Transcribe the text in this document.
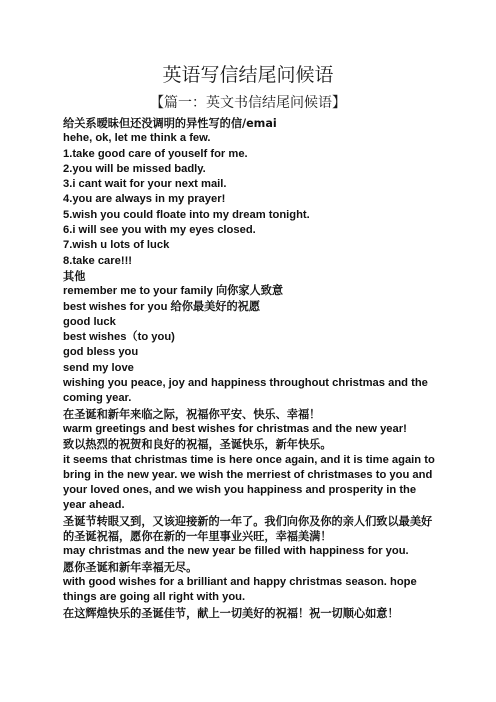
英语写信结尾问候语
【篇一：英文书信结尾问候语】

给关系暧昧但还没调明的异性写的信/emai

hehe, ok, let me think a few.

1.take good care of youself for me.

2.you will be missed badly.

3.i cant wait for your next mail.

4.you are always in my prayer!

5.wish you could floate into my dream tonight.

6.i will see you with my eyes closed.

7.wish u lots of luck

8.take care!!!

其他

remember me to your family 向你家人致意

best wishes for you 给你最美好的祝愿

good luck

best wishes（to you)

god bless you

send my love

wishing you peace, joy and happiness throughout christmas and the coming year.

在圣诞和新年来临之际，祝福你平安、快乐、幸福！

warm greetings and best wishes for christmas and the new year!

致以热烈的祝贺和良好的祝福，圣诞快乐，新年快乐。

it seems that christmas time is here once again, and it is time again to bring in the new year. we wish the merriest of christmases to you and your loved ones, and we wish you happiness and prosperity in the year ahead.

圣诞节转眼又到，又该迎接新的一年了。我们向你及你的亲人们致以最美好的圣诞祝福，愿你在新的一年里事业兴旺，幸福美满！

may christmas and the new year be filled with happiness for you.

愿你圣诞和新年幸福无尽。

with good wishes for a brilliant and happy christmas season. hope things are going all right with you.

在这辉煌快乐的圣诞佳节，献上一切美好的祝福！祝一切顺心如意！
